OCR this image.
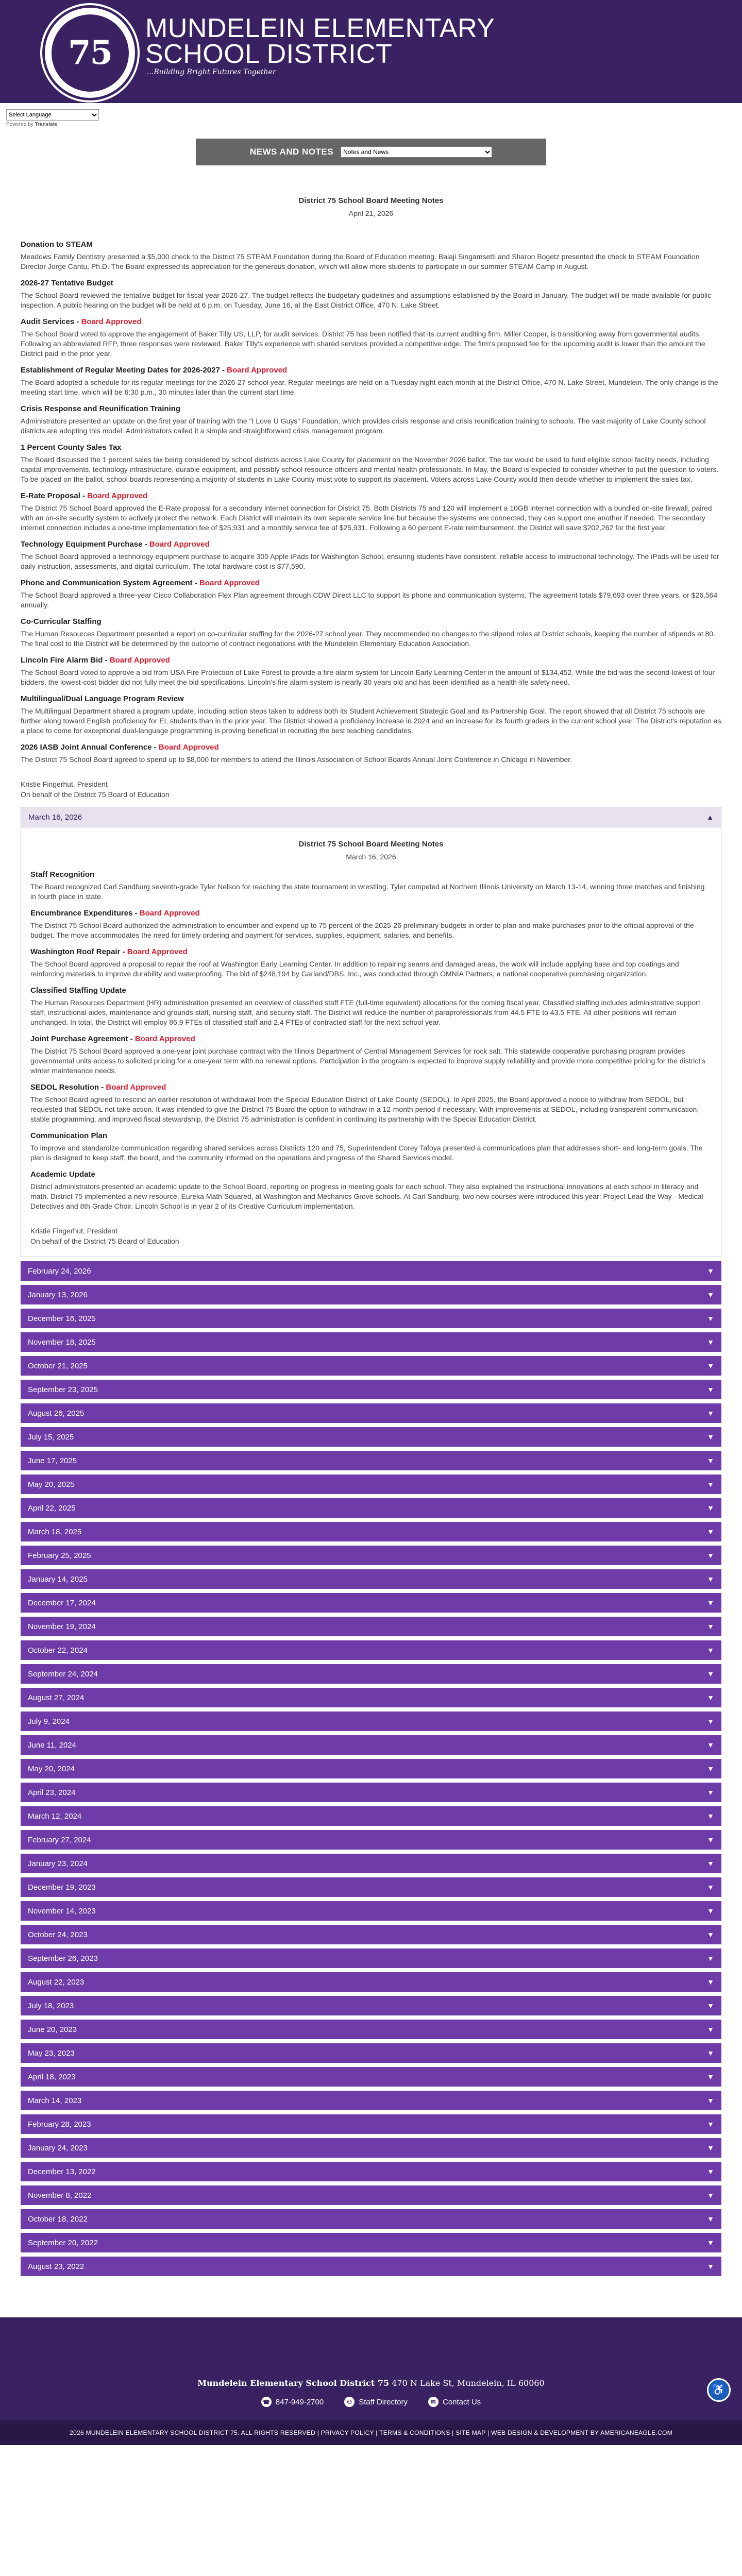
75
MUNDELEIN ELEMENTARY
SCHOOL DISTRICT
...Building Bright Futures Together
Select Language
Powered by Translate
NEWS AND NOTES
Notes and News
District 75 School Board Meeting Notes
April 21, 2026
Donation to STEAM

Meadows Family Dentistry presented a $5,000 check to the District 75 STEAM Foundation during the Board of Education meeting. Balaji Singamsetti and Sharon Bogetz presented the check to STEAM Foundation Director Jorge Cantu, Ph.D. The Board expressed its appreciation for the generous donation, which will allow more students to participate in our summer STEAM Camp in August.

2026-27 Tentative Budget

The School Board reviewed the tentative budget for fiscal year 2026-27. The budget reflects the budgetary guidelines and assumptions established by the Board in January. The budget will be made available for public inspection. A public hearing on the budget will be held at 6 p.m. on Tuesday, June 16, at the East District Office, 470 N. Lake Street.

Audit Services - Board Approved

The School Board voted to approve the engagement of Baker Tilly US, LLP, for audit services. District 75 has been notified that its current auditing firm, Miller Cooper, is transitioning away from governmental audits. Following an abbreviated RFP, three responses were reviewed. Baker Tilly's experience with shared services provided a competitive edge. The firm's proposed fee for the upcoming audit is lower than the amount the District paid in the prior year.

Establishment of Regular Meeting Dates for 2026-2027 - Board Approved

The Board adopted a schedule for its regular meetings for the 2026-27 school year. Regular meetings are held on a Tuesday night each month at the District Office, 470 N. Lake Street, Mundelein. The only change is the meeting start time, which will be 6:30 p.m., 30 minutes later than the current start time.

Crisis Response and Reunification Training

Administrators presented an update on the first year of training with the "I Love U Guys" Foundation, which provides crisis response and crisis reunification training to schools. The vast majority of Lake County school districts are adopting this model. Administrators called it a simple and straightforward crisis management program.

1 Percent County Sales Tax

The Board discussed the 1 percent sales tax being considered by school districts across Lake County for placement on the November 2026 ballot. The tax would be used to fund eligible school facility needs, including capital improvements, technology infrastructure, durable equipment, and possibly school resource officers and mental health professionals. In May, the Board is expected to consider whether to put the question to voters. To be placed on the ballot, school boards representing a majority of students in Lake County must vote to support its placement. Voters across Lake County would then decide whether to implement the sales tax.

E-Rate Proposal - Board Approved

The District 75 School Board approved the E-Rate proposal for a secondary internet connection for District 75. Both Districts 75 and 120 will implement a 10GB internet connection with a bundled on-site firewall, paired with an on-site security system to actively protect the network. Each District will maintain its own separate service line but because the systems are connected, they can support one another if needed. The secondary internet connection includes a one-time implementation fee of $25,931 and a monthly service fee of $25,931. Following a 60 percent E-rate reimbursement, the District will save $202,262 for the first year.

Technology Equipment Purchase - Board Approved

The School Board approved a technology equipment purchase to acquire 300 Apple iPads for Washington School, ensuring students have consistent, reliable access to instructional technology. The iPads will be used for daily instruction, assessments, and digital curriculum. The total hardware cost is $77,590.

Phone and Communication System Agreement - Board Approved

The School Board approved a three-year Cisco Collaboration Flex Plan agreement through CDW Direct LLC to support its phone and communication systems. The agreement totals $79,693 over three years, or $26,564 annually.

Co-Curricular Staffing

The Human Resources Department presented a report on co-curricular staffing for the 2026-27 school year. They recommended no changes to the stipend roles at District schools, keeping the number of stipends at 80. The final cost to the District will be determined by the outcome of contract negotiations with the Mundelein Elementary Education Association.

Lincoln Fire Alarm Bid - Board Approved

The School Board voted to approve a bid from USA Fire Protection of Lake Forest to provide a fire alarm system for Lincoln Early Learning Center in the amount of $134,452. While the bid was the second-lowest of four bidders, the lowest-cost bidder did not fully meet the bid specifications. Lincoln's fire alarm system is nearly 30 years old and has been identified as a health-life safety need.

Multilingual/Dual Language Program Review

The Multilingual Department shared a program update, including action steps taken to address both its Student Achievement Strategic Goal and its Partnership Goal. The report showed that all District 75 schools are further along toward English proficiency for EL students than in the prior year. The District showed a proficiency increase in 2024 and an increase for its fourth graders in the current school year. The District's reputation as a place to come for exceptional dual-language programming is proving beneficial in recruiting the best teaching candidates.

2026 IASB Joint Annual Conference - Board Approved

The District 75 School Board agreed to spend up to $8,000 for members to attend the Illinois Association of School Boards Annual Joint Conference in Chicago in November.

Kristie Fingerhut, President
On behalf of the District 75 Board of Education
March 16, 2026	▲
District 75 School Board Meeting Notes
March 16, 2026
Staff Recognition

The Board recognized Carl Sandburg seventh-grade Tyler Nelson for reaching the state tournament in wrestling. Tyler competed at Northern Illinois University on March 13-14, winning three matches and finishing in fourth place in state.

Encumbrance Expenditures - Board Approved

The District 75 School Board authorized the administration to encumber and expend up to 75 percent of the 2025-26 preliminary budgets in order to plan and make purchases prior to the official approval of the budget. The move accommodates the need for timely ordering and payment for services, supplies, equipment, salaries, and benefits.

Washington Roof Repair - Board Approved

The School Board approved a proposal to repair the roof at Washington Early Learning Center. In addition to repairing seams and damaged areas, the work will include applying base and top coatings and reinforcing materials to improve durability and waterproofing. The bid of $248,194 by Garland/DBS, Inc., was conducted through OMNIA Partners, a national cooperative purchasing organization.

Classified Staffing Update

The Human Resources Department (HR) administration presented an overview of classified staff FTE (full-time equivalent) allocations for the coming fiscal year. Classified staffing includes administrative support staff, instructional aides, maintenance and grounds staff, nursing staff, and security staff. The District will reduce the number of paraprofessionals from 44.5 FTE to 43.5 FTE. All other positions will remain unchanged. In total, the District will employ 86.9 FTEs of classified staff and 2.4 FTEs of contracted staff for the next school year.

Joint Purchase Agreement - Board Approved

The District 75 School Board approved a one-year joint purchase contract with the Illinois Department of Central Management Services for rock salt. This statewide cooperative purchasing program provides governmental units access to solicited pricing for a one-year term with no renewal options. Participation in the program is expected to improve supply reliability and provide more competitive pricing for the district's winter maintenance needs.

SEDOL Resolution - Board Approved

The School Board agreed to rescind an earlier resolution of withdrawal from the Special Education District of Lake County (SEDOL). In April 2025, the Board approved a notice to withdraw from SEDOL, but requested that SEDOL not take action. It was intended to give the District 75 Board the option to withdraw in a 12-month period if necessary. With improvements at SEDOL, including transparent communication, stable programming, and improved fiscal stewardship, the District 75 administration is confident in continuing its partnership with the Special Education District.

Communication Plan

To improve and standardize communication regarding shared services across Districts 120 and 75, Superintendent Corey Tafoya presented a communications plan that addresses short- and long-term goals. The plan is designed to keep staff, the board, and the community informed on the operations and progress of the Shared Services model.

Academic Update

District administrators presented an academic update to the School Board, reporting on progress in meeting goals for each school. They also explained the instructional innovations at each school in literacy and math. District 75 implemented a new resource, Eureka Math Squared, at Washington and Mechanics Grove schools. At Carl Sandburg, two new courses were introduced this year: Project Lead the Way - Medical Detectives and 8th Grade Choir. Lincoln School is in year 2 of its Creative Curriculum implementation.

Kristie Fingerhut, President
On behalf of the District 75 Board of Education
February 24, 2026	▼
January 13, 2026	▼
December 16, 2025	▼
November 18, 2025	▼
October 21, 2025	▼
September 23, 2025	▼
August 26, 2025	▼
July 15, 2025	▼
June 17, 2025	▼
May 20, 2025	▼
April 22, 2025	▼
March 18, 2025	▼
February 25, 2025	▼
January 14, 2025	▼
December 17, 2024	▼
November 19, 2024	▼
October 22, 2024	▼
September 24, 2024	▼
August 27, 2024	▼
July 9, 2024	▼
June 11, 2024	▼
May 20, 2024	▼
April 23, 2024	▼
March 12, 2024	▼
February 27, 2024	▼
January 23, 2024	▼
December 19, 2023	▼
November 14, 2023	▼
October 24, 2023	▼
September 26, 2023	▼
August 22, 2023	▼
July 18, 2023	▼
June 20, 2023	▼
May 23, 2023	▼
April 18, 2023	▼
March 14, 2023	▼
February 28, 2023	▼
January 24, 2023	▼
December 13, 2022	▼
November 8, 2022	▼
October 18, 2022	▼
September 20, 2022	▼
August 23, 2022	▼
Mundelein Elementary School District 75 470 N Lake St, Mundelein, IL 60060
☎ 847-949-2700	⚇ Staff Directory	✉ Contact Us
♿
2026 MUNDELEIN ELEMENTARY SCHOOL DISTRICT 75. ALL RIGHTS RESERVED | PRIVACY POLICY | TERMS & CONDITIONS | SITE MAP | WEB DESIGN & DEVELOPMENT BY AMERICANEAGLE.COM
